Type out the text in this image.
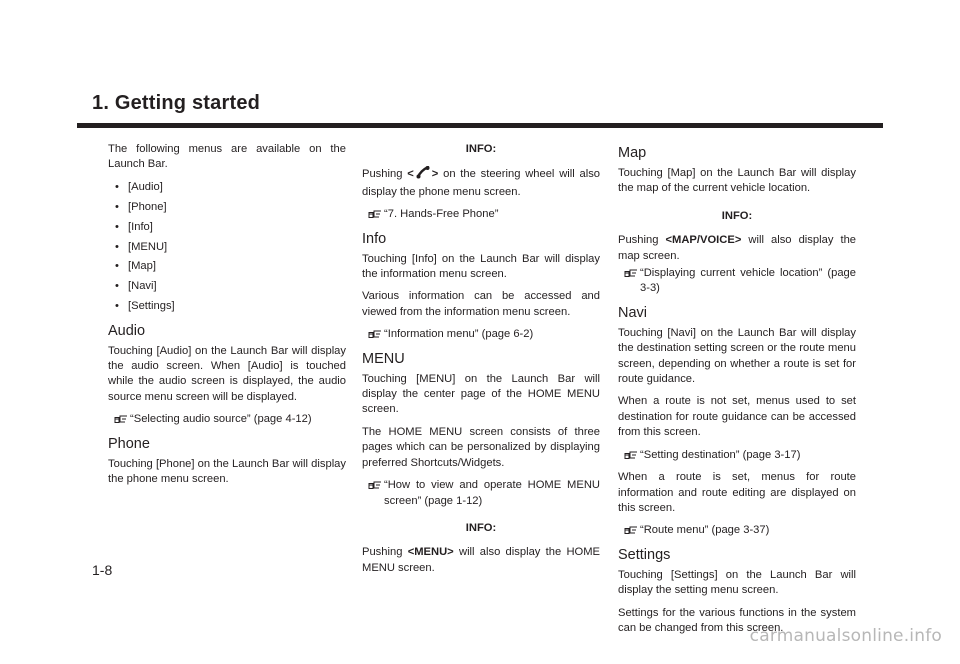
1. Getting started

The following menus are available on the Launch Bar.

• [Audio]
• [Phone]
• [Info]
• [MENU]
• [Map]
• [Navi]
• [Settings]
Audio

Touching [Audio] on the Launch Bar will display the audio screen. When [Audio] is touched while the audio screen is displayed, the audio source menu screen will be displayed.

“Selecting audio source” (page 4-12)

Phone

Touching [Phone] on the Launch Bar will display the phone menu screen.

INFO:

Pushing < > on the steering wheel will also display the phone menu screen.

“7. Hands-Free Phone”

Info

Touching [Info] on the Launch Bar will display the information menu screen.

Various information can be accessed and viewed from the information menu screen.

“Information menu” (page 6-2)

MENU

Touching [MENU] on the Launch Bar will display the center page of the HOME MENU screen.

The HOME MENU screen consists of three pages which can be personalized by displaying preferred Shortcuts/Widgets.

“How to view and operate HOME MENU screen” (page 1-12)

INFO:

Pushing <MENU> will also display the HOME MENU screen.

Map

Touching [Map] on the Launch Bar will display the map of the current vehicle location.

INFO:

Pushing <MAP/VOICE> will also display the map screen.

“Displaying current vehicle location” (page 3-3)

Navi

Touching [Navi] on the Launch Bar will display the destination setting screen or the route menu screen, depending on whether a route is set for route guidance.

When a route is not set, menus used to set destination for route guidance can be accessed from this screen.

“Setting destination” (page 3-17)

When a route is set, menus for route information and route editing are displayed on this screen.

“Route menu” (page 3-37)

Settings

Touching [Settings] on the Launch Bar will display the setting menu screen.

Settings for the various functions in the system can be changed from this screen.

1-8
carmanualsonline.info
